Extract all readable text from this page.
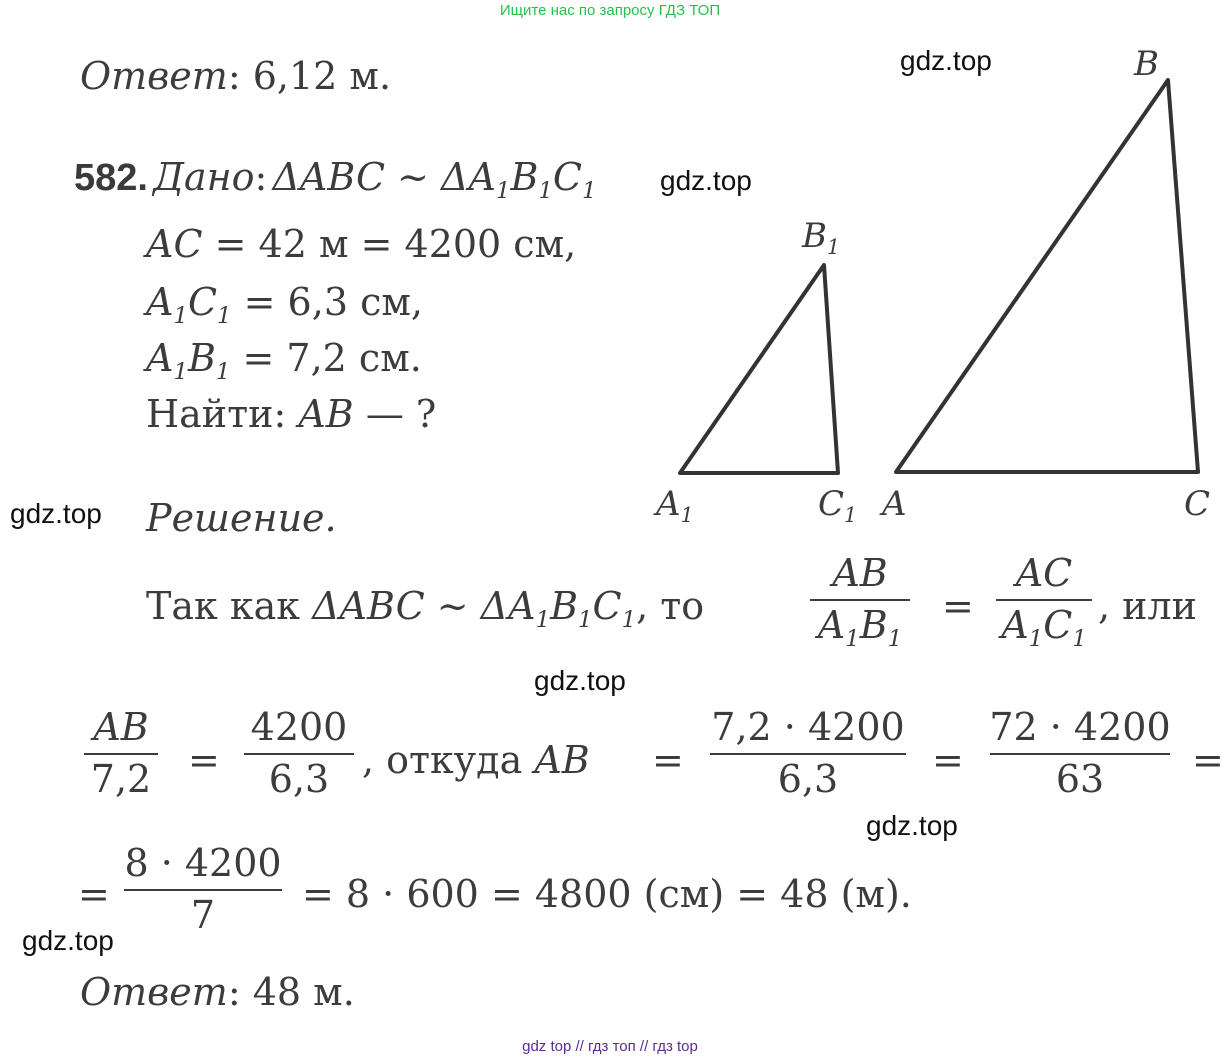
Ищите нас по запросу ГДЗ ТОП
gdz top // гдз топ // гдз top
gdz.top
gdz.top
gdz.top
gdz.top
gdz.top
gdz.top
Ответ: 6,12 м.
582. Дано: ΔABC ~ $\Delta A_1B_1C_1$
AC = 42 м = 4200 см,
$A_1C_1 = 6,3$ см,
$A_1B_1 = 7,2$ см.
Найти: AB — ?
$B_1$
$A_1$	$C_1$
B
A	C
Решение.
Так как ΔABC ~ $\Delta A_1B_1C_1$, то
AB
$A_1B_1$
=
AC
$A_1C_1$
, или
AB
7,2 =
4200
6,3 , откуда AB =
7,2 · 4200
6,3 =
72 · 4200
63 =
=
8 · 4200
7 = 8 · 600 = 4800 (см) = 48 (м).
Ответ: 48 м.
